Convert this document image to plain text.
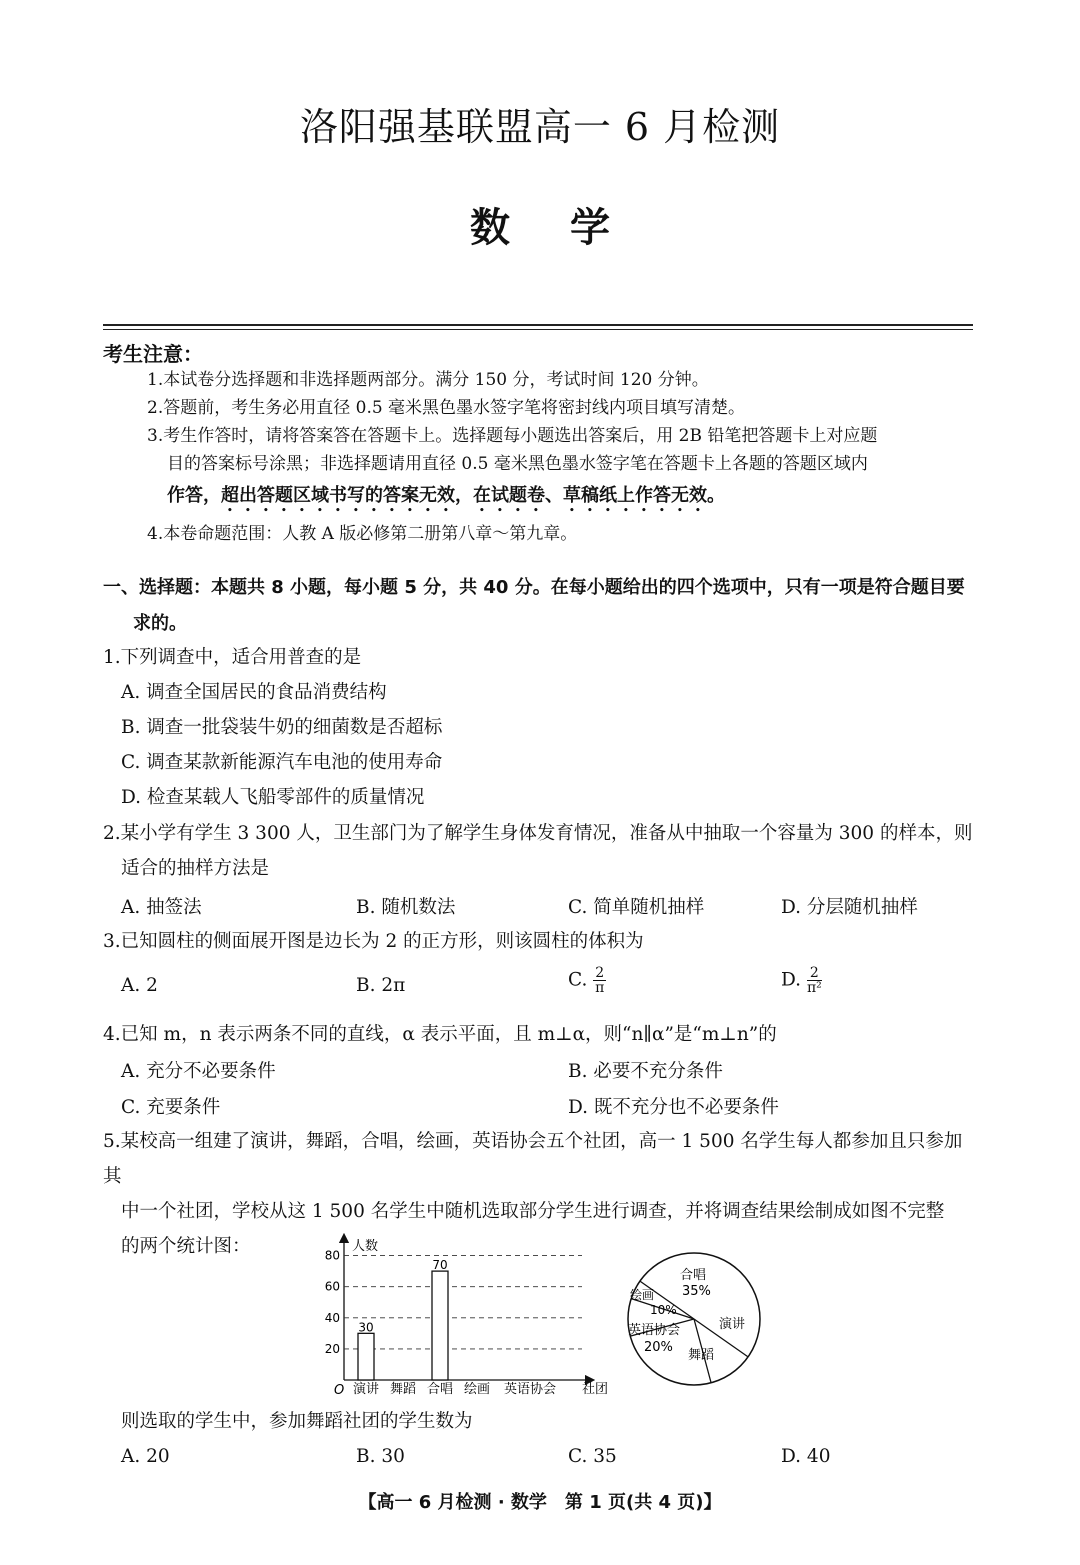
洛阳强基联盟高一 6 月检测
数学
考生注意：
1.本试卷分选择题和非选择题两部分。满分 150 分，考试时间 120 分钟。
2.答题前，考生务必用直径 0.5 毫米黑色墨水签字笔将密封线内项目填写清楚。
3.考生作答时，请将答案答在答题卡上。选择题每小题选出答案后，用 2B 铅笔把答题卡上对应题
目的答案标号涂黑；非选择题请用直径 0.5 毫米黑色墨水签字笔在答题卡上各题的答题区域内
作答，超出答题区域书写的答案无效，在试题卷、草稿纸上作答无效。
4.本卷命题范围：人教 A 版必修第二册第八章～第九章。
一、选择题：本题共 8 小题，每小题 5 分，共 40 分。在每小题给出的四个选项中，只有一项是符合题目要
求的。
1.下列调查中，适合用普查的是
A. 调查全国居民的食品消费结构
B. 调查一批袋装牛奶的细菌数是否超标
C. 调查某款新能源汽车电池的使用寿命
D. 检查某载人飞船零部件的质量情况
2.某小学有学生 3 300 人，卫生部门为了解学生身体发育情况，准备从中抽取一个容量为 300 的样本，则
适合的抽样方法是
A. 抽签法	B. 随机数法	C. 简单随机抽样	D. 分层随机抽样
3.已知圆柱的侧面展开图是边长为 2 的正方形，则该圆柱的体积为
A. 2	B. 2π	C. $\frac{2}{\pi}$	D. $\frac{2}{\text{π²}}$
4.已知 m，n 表示两条不同的直线，α 表示平面，且 m⊥α，则“n∥α”是“m⊥n”的
A. 充分不必要条件	B. 必要不充分条件
C. 充要条件	D. 既不充分也不必要条件
5.某校高一组建了演讲，舞蹈，合唱，绘画，英语协会五个社团，高一 1 500 名学生每人都参加且只参加其
中一个社团，学校从这 1 500 名学生中随机选取部分学生进行调查，并将调查结果绘制成如图不完整
的两个统计图：	人数
社团
O
20
40
60
80
30
70
演讲 舞蹈 合唱 绘画 英语协会
合唱
35%
演讲
舞蹈
英语协会
20%
绘画
10%
则选取的学生中，参加舞蹈社团的学生数为
A. 20	B. 30	C. 35	D. 40
【高一 6 月检测 · 数学　第 1 页(共 4 页)】
